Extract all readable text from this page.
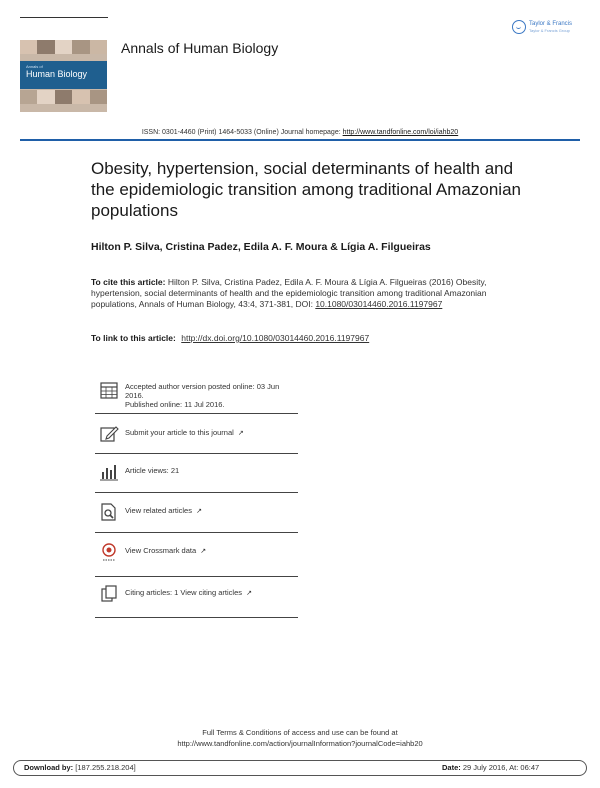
Annals of
Human Biology
Annals of Human Biology
Taylor & Francis
Taylor & Francis Group
ISSN: 0301-4460 (Print) 1464-5033 (Online) Journal homepage: http://www.tandfonline.com/loi/iahb20
Obesity, hypertension, social determinants of health and the epidemiologic transition among traditional Amazonian populations
Hilton P. Silva, Cristina Padez, Edila A. F. Moura & Lígia A. Filgueiras
To cite this article: Hilton P. Silva, Cristina Padez, Edila A. F. Moura & Lígia A. Filgueiras (2016) Obesity, hypertension, social determinants of health and the epidemiologic transition among traditional Amazonian populations, Annals of Human Biology, 43:4, 371-381, DOI: 10.1080/03014460.2016.1197967
To link to this article: http://dx.doi.org/10.1080/03014460.2016.1197967
Accepted author version posted online: 03 Jun 2016.
Published online: 11 Jul 2016.
Submit your article to this journal ↗
Article views: 21
View related articles ↗
View Crossmark data ↗
Citing articles: 1 View citing articles ↗
Full Terms & Conditions of access and use can be found at
http://www.tandfonline.com/action/journalInformation?journalCode=iahb20
Download by: [187.255.218.204]	Date: 29 July 2016, At: 06:47
